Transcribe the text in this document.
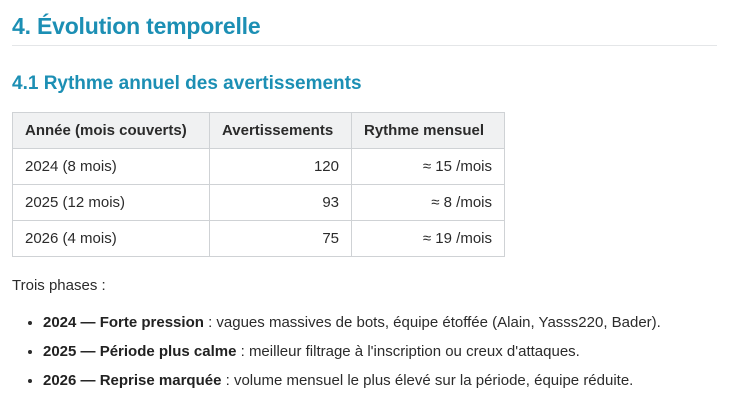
4. Évolution temporelle
4.1 Rythme annuel des avertissements
Année (mois couverts)	Avertissements	Rythme mensuel
2024 (8 mois)	120	≈ 15 /mois
2025 (12 mois)	93	≈ 8 /mois
2026 (4 mois)	75	≈ 19 /mois

Trois phases :

• 2024 — Forte pression : vagues massives de bots, équipe étoffée (Alain, Yasss220, Bader).
• 2025 — Période plus calme : meilleur filtrage à l'inscription ou creux d'attaques.
• 2026 — Reprise marquée : volume mensuel le plus élevé sur la période, équipe réduite.
